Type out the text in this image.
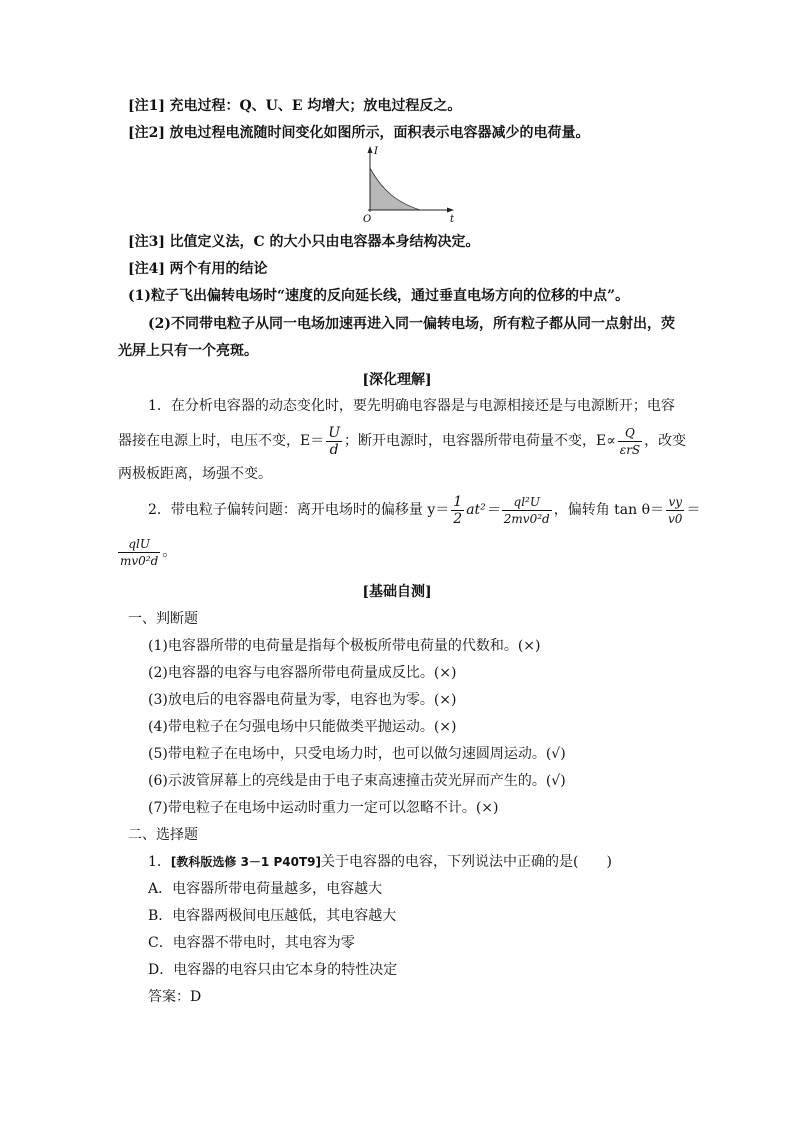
[注1] 充电过程：Q、U、E 均增大；放电过程反之。
[注2] 放电过程电流随时间变化如图所示，面积表示电容器减少的电荷量。
I
t
O
[注3] 比值定义法，C 的大小只由电容器本身结构决定。
[注4] 两个有用的结论
(1)粒子飞出偏转电场时“速度的反向延长线，通过垂直电场方向的位移的中点”。
(2)不同带电粒子从同一电场加速再进入同一偏转电场，所有粒子都从同一点射出，荧
光屏上只有一个亮斑。
[深化理解]
1．在分析电容器的动态变化时，要先明确电容器是与电源相接还是与电源断开；电容
器接在电源上时，电压不变，$E= \frac{U}{d}$ ；断开电源时，电容器所带电荷量不变，$E\propto \frac{Q}{\text{εrS}}$ ，改变
两极板距离，场强不变。
2．带电粒子偏转问题：离开电场时的偏移量 $y= \frac{1}{2} at^2= \frac{\text{ql²U}}{\text{2mv0²d}}$ ，偏转角 $\tan \theta= \frac{vy}{v0}$ ＝
$\frac{\text{qlU}}{\text{mv0²d}}$ 。
[基础自测]
一、判断题
(1)电容器所带的电荷量是指每个极板所带电荷量的代数和。(×)
(2)电容器的电容与电容器所带电荷量成反比。(×)
(3)放电后的电容器电荷量为零，电容也为零。(×)
(4)带电粒子在匀强电场中只能做类平抛运动。(×)
(5)带电粒子在电场中，只受电场力时，也可以做匀速圆周运动。(√)
(6)示波管屏幕上的亮线是由于电子束高速撞击荧光屏而产生的。(√)
(7)带电粒子在电场中运动时重力一定可以忽略不计。(×)
二、选择题
1．[教科版选修 3－1 P40T9]关于电容器的电容，下列说法中正确的是(　　)
A．电容器所带电荷量越多，电容越大
B．电容器两极间电压越低，其电容越大
C．电容器不带电时，其电容为零
D．电容器的电容只由它本身的特性决定
答案：D
